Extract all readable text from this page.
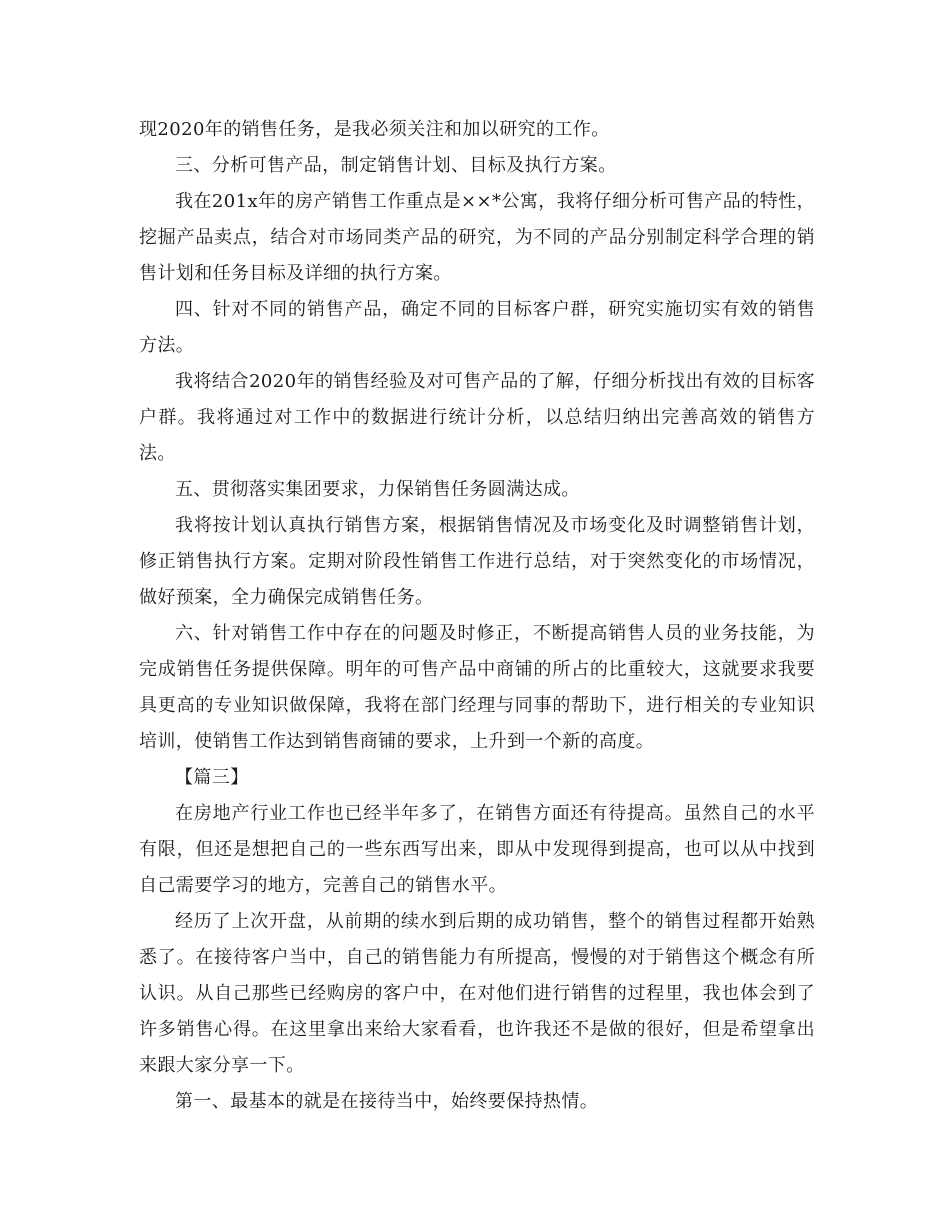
现2020年的销售任务，是我必须关注和加以研究的工作。

三、分析可售产品，制定销售计划、目标及执行方案。

我在201x年的房产销售工作重点是××*公寓，我将仔细分析可售产品的特性，挖掘产品卖点，结合对市场同类产品的研究，为不同的产品分别制定科学合理的销售计划和任务目标及详细的执行方案。

四、针对不同的销售产品，确定不同的目标客户群，研究实施切实有效的销售方法。

我将结合2020年的销售经验及对可售产品的了解，仔细分析找出有效的目标客户群。我将通过对工作中的数据进行统计分析，以总结归纳出完善高效的销售方法。

五、贯彻落实集团要求，力保销售任务圆满达成。

我将按计划认真执行销售方案，根据销售情况及市场变化及时调整销售计划，修正销售执行方案。定期对阶段性销售工作进行总结，对于突然变化的市场情况，做好预案，全力确保完成销售任务。

六、针对销售工作中存在的问题及时修正，不断提高销售人员的业务技能，为完成销售任务提供保障。明年的可售产品中商铺的所占的比重较大，这就要求我要具更高的专业知识做保障，我将在部门经理与同事的帮助下，进行相关的专业知识培训，使销售工作达到销售商铺的要求，上升到一个新的高度。

【篇三】

在房地产行业工作也已经半年多了，在销售方面还有待提高。虽然自己的水平有限，但还是想把自己的一些东西写出来，即从中发现得到提高，也可以从中找到自己需要学习的地方，完善自己的销售水平。

经历了上次开盘，从前期的续水到后期的成功销售，整个的销售过程都开始熟悉了。在接待客户当中，自己的销售能力有所提高，慢慢的对于销售这个概念有所认识。从自己那些已经购房的客户中，在对他们进行销售的过程里，我也体会到了许多销售心得。在这里拿出来给大家看看，也许我还不是做的很好，但是希望拿出来跟大家分享一下。

第一、最基本的就是在接待当中，始终要保持热情。
